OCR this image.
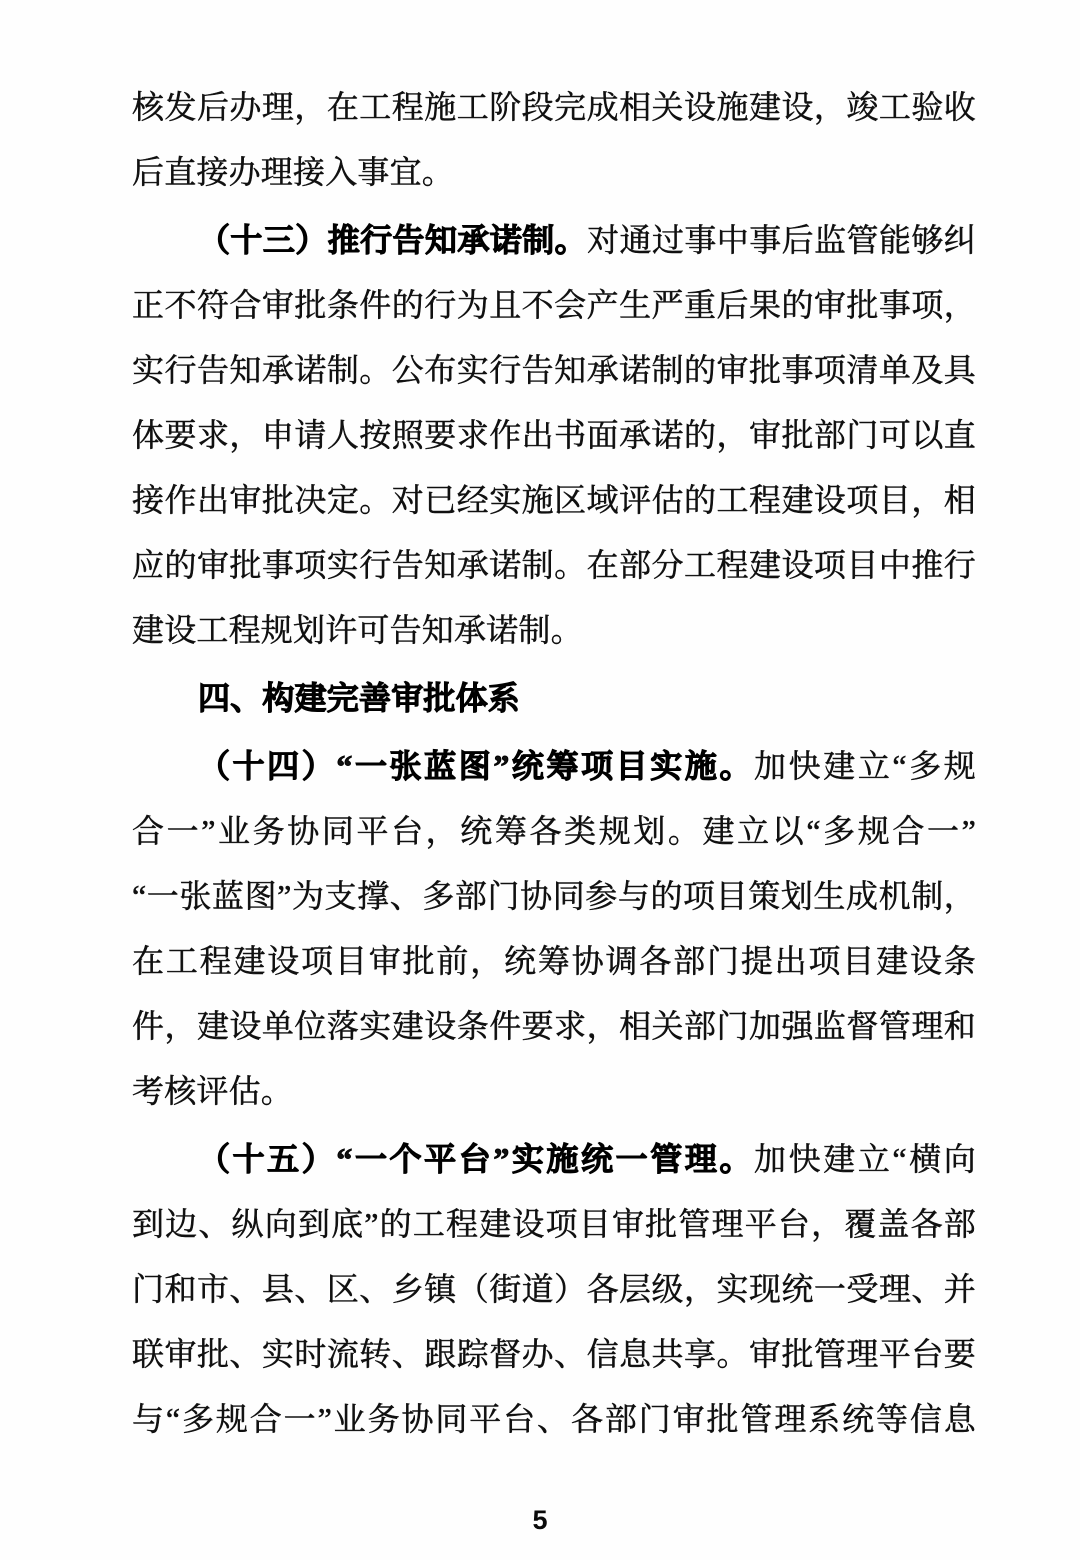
核发后办理，在工程施工阶段完成相关设施建设，竣工验收
后直接办理接入事宜。
（十三）推行告知承诺制。对通过事中事后监管能够纠
正不符合审批条件的行为且不会产生严重后果的审批事项，
实行告知承诺制。公布实行告知承诺制的审批事项清单及具
体要求，申请人按照要求作出书面承诺的，审批部门可以直
接作出审批决定。对已经实施区域评估的工程建设项目，相
应的审批事项实行告知承诺制。在部分工程建设项目中推行
建设工程规划许可告知承诺制。
四、构建完善审批体系
（十四）“一张蓝图”统筹项目实施。加快建立“多规
合一”业务协同平台，统筹各类规划。建立以“多规合一”
“一张蓝图”为支撑、多部门协同参与的项目策划生成机制，
在工程建设项目审批前，统筹协调各部门提出项目建设条
件，建设单位落实建设条件要求，相关部门加强监督管理和
考核评估。
（十五）“一个平台”实施统一管理。加快建立“横向
到边、纵向到底”的工程建设项目审批管理平台，覆盖各部
门和市、县、区、乡镇（街道）各层级，实现统一受理、并
联审批、实时流转、跟踪督办、信息共享。审批管理平台要
与“多规合一”业务协同平台、各部门审批管理系统等信息
5
